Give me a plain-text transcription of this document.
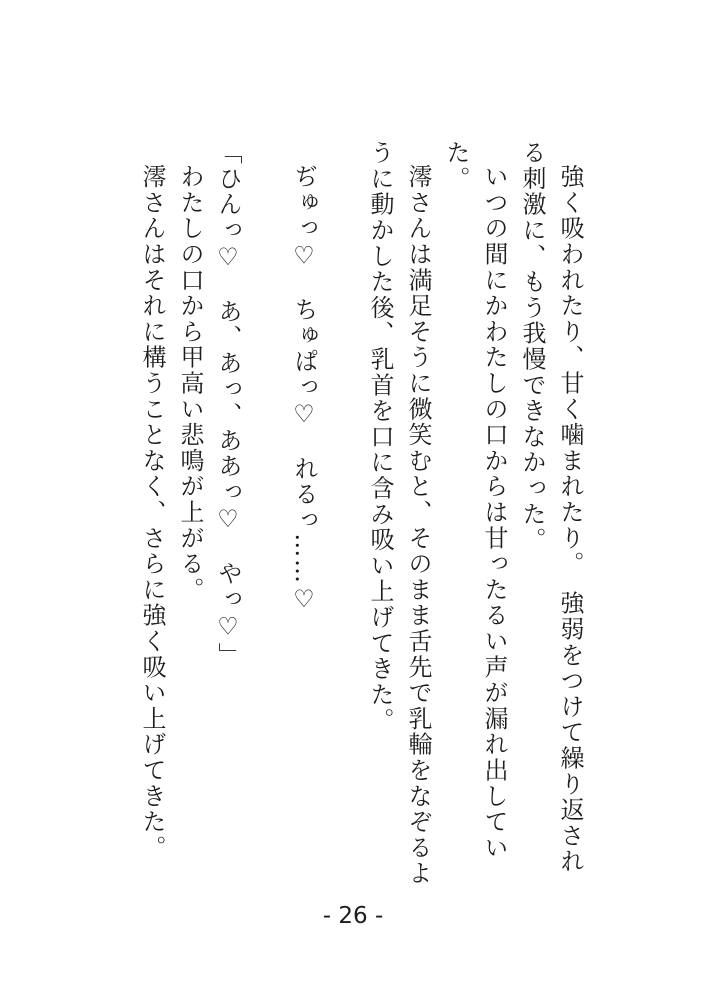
強く吸われたり、甘く噛まれたり。　強弱をつけて繰り返される刺激に、もう我慢できなかった。

いつの間にかわたしの口からは甘ったるい声が漏れ出していた。

澪さんは満足そうに微笑むと、そのまま舌先で乳輪をなぞるように動かした後、乳首を口に含み吸い上げてきた。

ぢゅっ♡　ちゅぱっ♡　れるっ……♡

「ひんっ♡　あ、あっ、ああっ♡　やっ♡」

わたしの口から甲高い悲鳴が上がる。

澪さんはそれに構うことなく、さらに強く吸い上げてきた。

- 26 -
